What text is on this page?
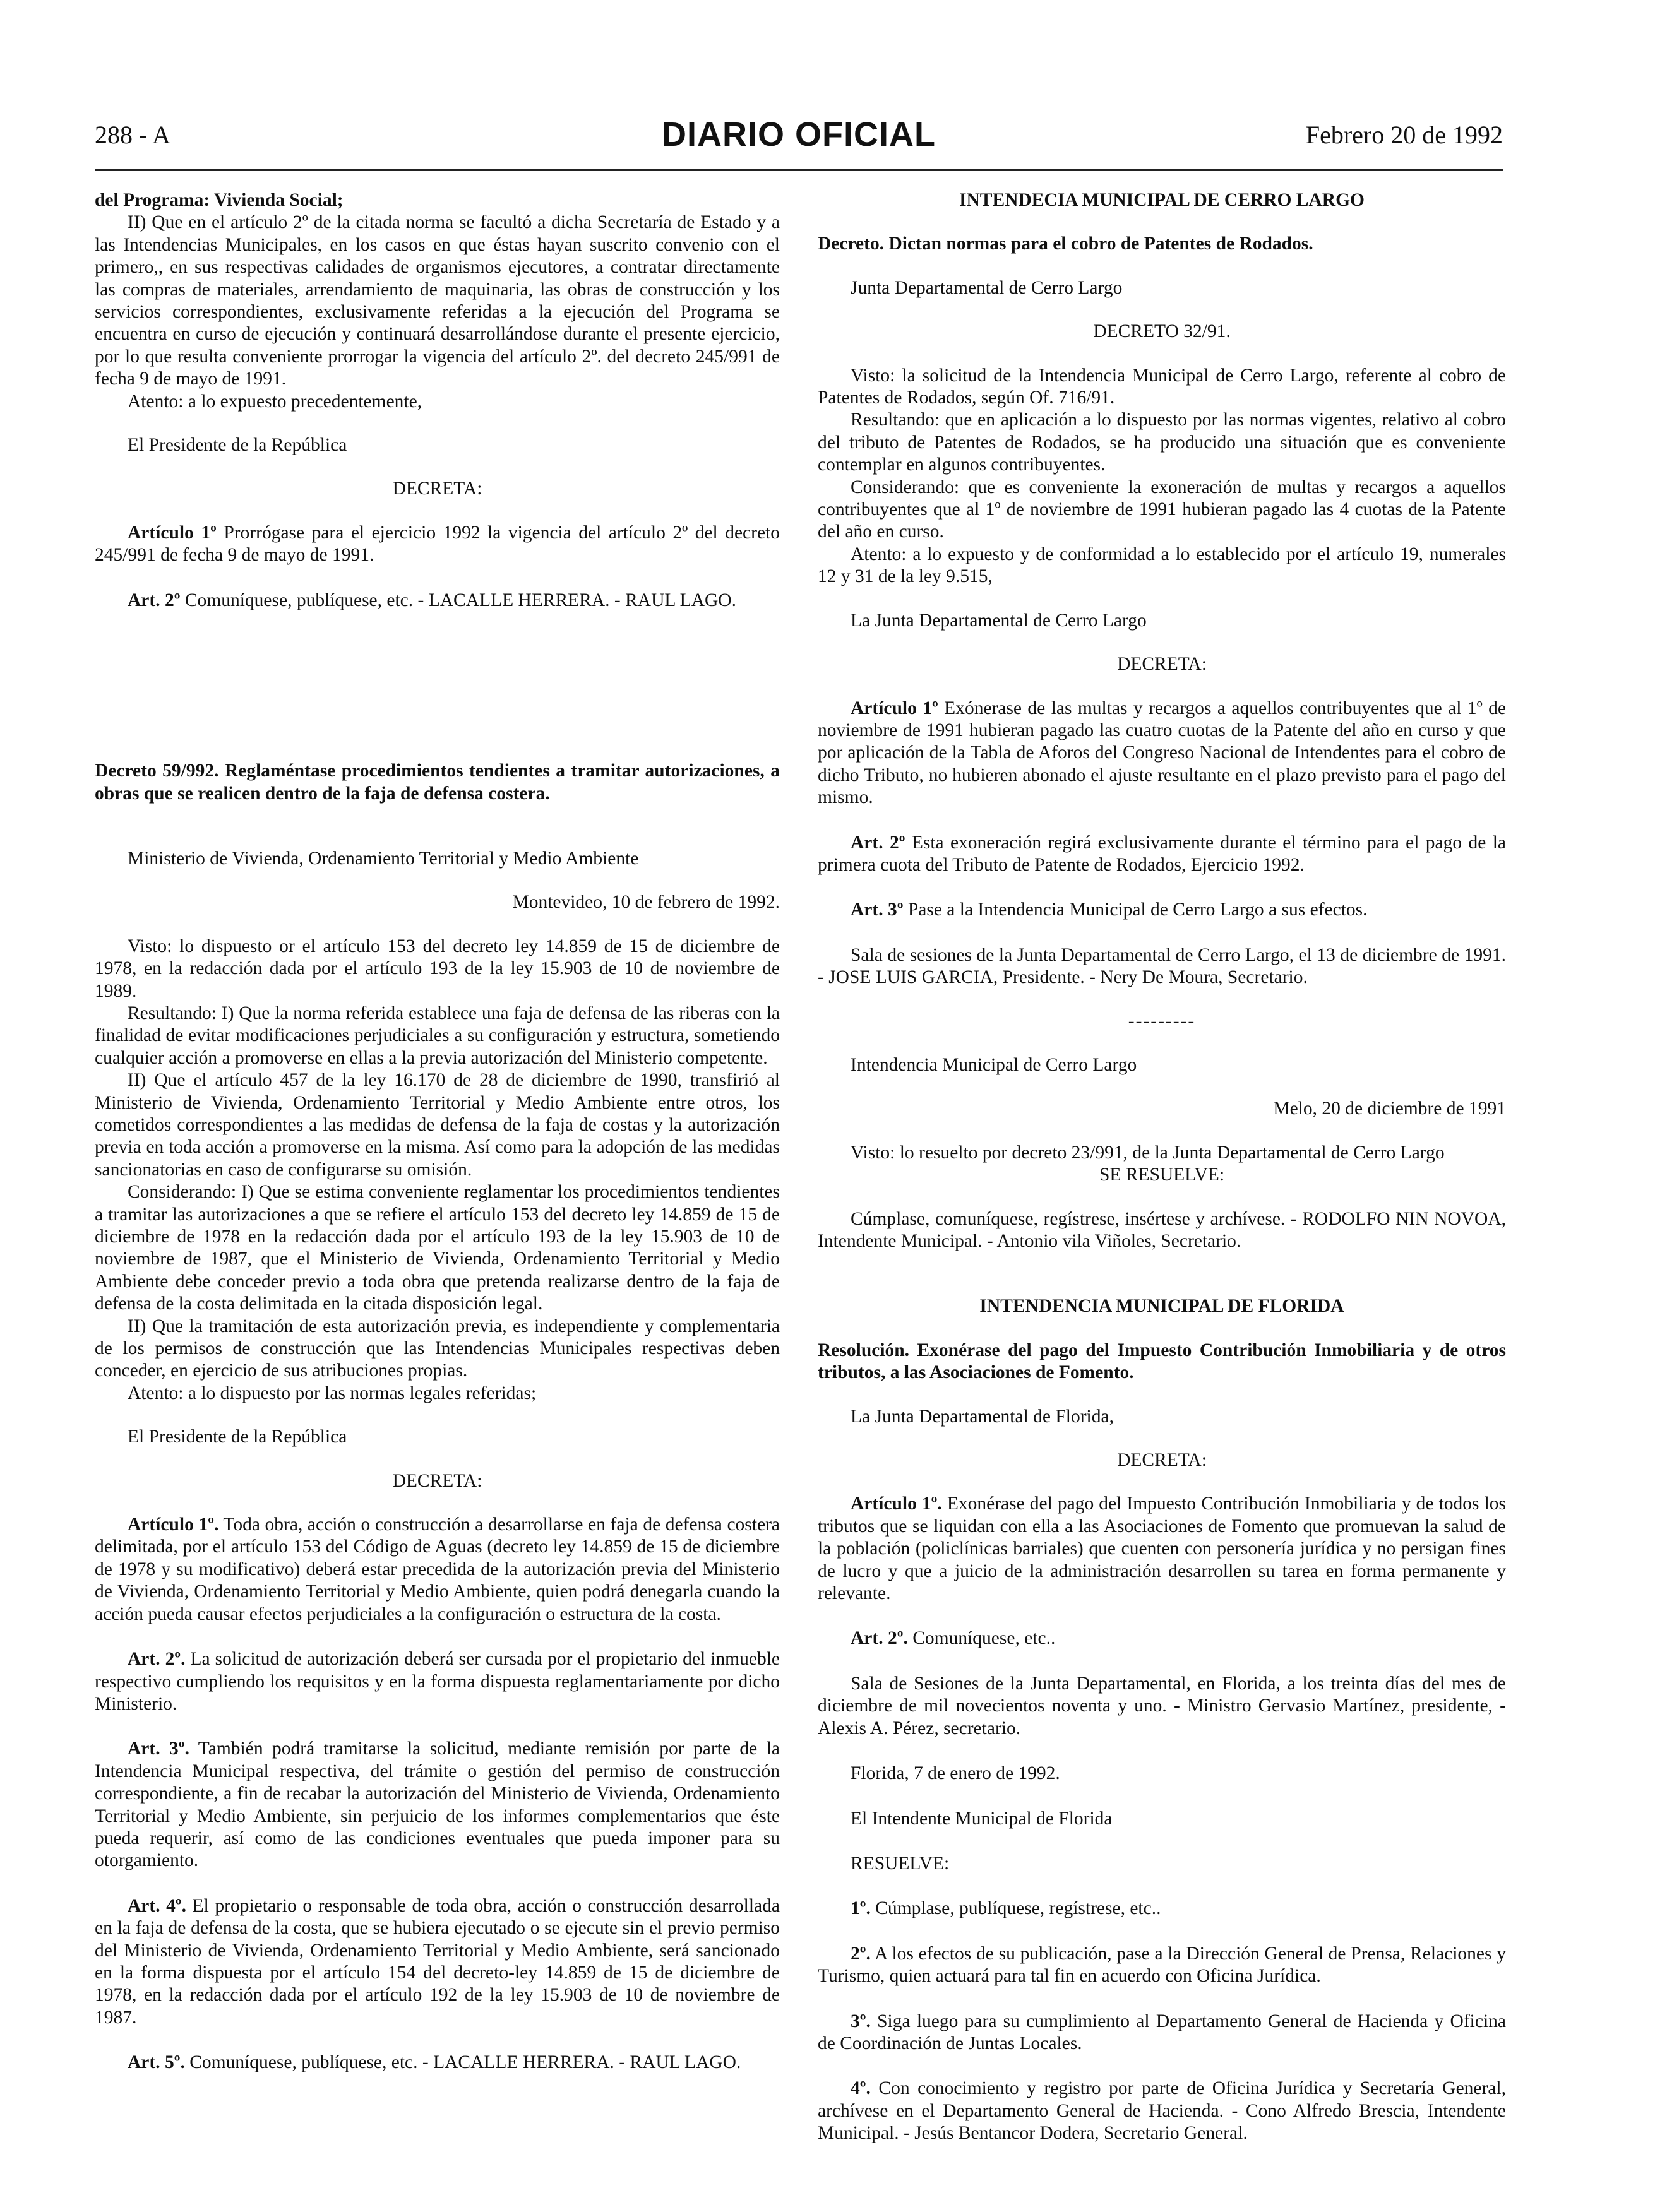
288 - A	DIARIO OFICIAL	Febrero 20 de 1992

del Programa: Vivienda Social;

II) Que en el artículo 2º de la citada norma se facultó a dicha Secretaría de Estado y a las Intendencias Municipales, en los casos en que éstas hayan suscrito convenio con el primero,, en sus respectivas calidades de organismos ejecutores, a contratar directamente las compras de materiales, arrendamiento de maquinaria, las obras de construcción y los servicios correspondientes, exclusivamente referidas a la ejecución del Programa se encuentra en curso de ejecución y continuará desarrollándose durante el presente ejercicio, por lo que resulta conveniente prorrogar la vigencia del artículo 2º. del decreto 245/991 de fecha 9 de mayo de 1991.

Atento: a lo expuesto precedentemente,

El Presidente de la República

DECRETA:

Artículo 1º Prorrógase para el ejercicio 1992 la vigencia del artículo 2º del decreto 245/991 de fecha 9 de mayo de 1991.

Art. 2º Comuníquese, publíquese, etc. - LACALLE HERRERA. - RAUL LAGO.

Decreto 59/992. Reglaméntase procedimientos tendientes a tramitar autorizaciones, a obras que se realicen dentro de la faja de defensa costera.

Ministerio de Vivienda, Ordenamiento Territorial y Medio Ambiente

Montevideo, 10 de febrero de 1992.

Visto: lo dispuesto or el artículo 153 del decreto ley 14.859 de 15 de diciembre de 1978, en la redacción dada por el artículo 193 de la ley 15.903 de 10 de noviembre de 1989.

Resultando: I) Que la norma referida establece una faja de defensa de las riberas con la finalidad de evitar modificaciones perjudiciales a su configuración y estructura, sometiendo cualquier acción a promoverse en ellas a la previa autorización del Ministerio competente.

II) Que el artículo 457 de la ley 16.170 de 28 de diciembre de 1990, transfirió al Ministerio de Vivienda, Ordenamiento Territorial y Medio Ambiente entre otros, los cometidos correspondientes a las medidas de defensa de la faja de costas y la autorización previa en toda acción a promoverse en la misma. Así como para la adopción de las medidas sancionatorias en caso de configurarse su omisión.

Considerando: I) Que se estima conveniente reglamentar los procedimientos tendientes a tramitar las autorizaciones a que se refiere el artículo 153 del decreto ley 14.859 de 15 de diciembre de 1978 en la redacción dada por el artículo 193 de la ley 15.903 de 10 de noviembre de 1987, que el Ministerio de Vivienda, Ordenamiento Territorial y Medio Ambiente debe conceder previo a toda obra que pretenda realizarse dentro de la faja de defensa de la costa delimitada en la citada disposición legal.

II) Que la tramitación de esta autorización previa, es independiente y complementaria de los permisos de construcción que las Intendencias Municipales respectivas deben conceder, en ejercicio de sus atribuciones propias.

Atento: a lo dispuesto por las normas legales referidas;

El Presidente de la República

DECRETA:

Artículo 1º. Toda obra, acción o construcción a desarrollarse en faja de defensa costera delimitada, por el artículo 153 del Código de Aguas (decreto ley 14.859 de 15 de diciembre de 1978 y su modificativo) deberá estar precedida de la autorización previa del Ministerio de Vivienda, Ordenamiento Territorial y Medio Ambiente, quien podrá denegarla cuando la acción pueda causar efectos perjudiciales a la configuración o estructura de la costa.

Art. 2º. La solicitud de autorización deberá ser cursada por el propietario del inmueble respectivo cumpliendo los requisitos y en la forma dispuesta reglamentariamente por dicho Ministerio.

Art. 3º. También podrá tramitarse la solicitud, mediante remisión por parte de la Intendencia Municipal respectiva, del trámite o gestión del permiso de construcción correspondiente, a fin de recabar la autorización del Ministerio de Vivienda, Ordenamiento Territorial y Medio Ambiente, sin perjuicio de los informes complementarios que éste pueda requerir, así como de las condiciones eventuales que pueda imponer para su otorgamiento.

Art. 4º. El propietario o responsable de toda obra, acción o construcción desarrollada en la faja de defensa de la costa, que se hubiera ejecutado o se ejecute sin el previo permiso del Ministerio de Vivienda, Ordenamiento Territorial y Medio Ambiente, será sancionado en la forma dispuesta por el artículo 154 del decreto-ley 14.859 de 15 de diciembre de 1978, en la redacción dada por el artículo 192 de la ley 15.903 de 10 de noviembre de 1987.

Art. 5º. Comuníquese, publíquese, etc. - LACALLE HERRERA. - RAUL LAGO.

INTENDECIA MUNICIPAL DE CERRO LARGO

Decreto. Dictan normas para el cobro de Patentes de Rodados.

Junta Departamental de Cerro Largo

DECRETO 32/91.

Visto: la solicitud de la Intendencia Municipal de Cerro Largo, referente al cobro de Patentes de Rodados, según Of. 716/91.

Resultando: que en aplicación a lo dispuesto por las normas vigentes, relativo al cobro del tributo de Patentes de Rodados, se ha producido una situación que es conveniente contemplar en algunos contribuyentes.

Considerando: que es conveniente la exoneración de multas y recargos a aquellos contribuyentes que al 1º de noviembre de 1991 hubieran pagado las 4 cuotas de la Patente del año en curso.

Atento: a lo expuesto y de conformidad a lo establecido por el artículo 19, numerales 12 y 31 de la ley 9.515,

La Junta Departamental de Cerro Largo

DECRETA:

Artículo 1º Exónerase de las multas y recargos a aquellos contribuyentes que al 1º de noviembre de 1991 hubieran pagado las cuatro cuotas de la Patente del año en curso y que por aplicación de la Tabla de Aforos del Congreso Nacional de Intendentes para el cobro de dicho Tributo, no hubieren abonado el ajuste resultante en el plazo previsto para el pago del mismo.

Art. 2º Esta exoneración regirá exclusivamente durante el término para el pago de la primera cuota del Tributo de Patente de Rodados, Ejercicio 1992.

Art. 3º Pase a la Intendencia Municipal de Cerro Largo a sus efectos.

Sala de sesiones de la Junta Departamental de Cerro Largo, el 13 de diciembre de 1991. - JOSE LUIS GARCIA, Presidente. - Nery De Moura, Secretario.

---------

Intendencia Municipal de Cerro Largo

Melo, 20 de diciembre de 1991

Visto: lo resuelto por decreto 23/991, de la Junta Departamental de Cerro Largo

SE RESUELVE:

Cúmplase, comuníquese, regístrese, insértese y archívese. - RODOLFO NIN NOVOA, Intendente Municipal. - Antonio vila Viñoles, Secretario.

INTENDENCIA MUNICIPAL DE FLORIDA

Resolución. Exonérase del pago del Impuesto Contribución Inmobiliaria y de otros tributos, a las Asociaciones de Fomento.

La Junta Departamental de Florida,

DECRETA:

Artículo 1º. Exonérase del pago del Impuesto Contribución Inmobiliaria y de todos los tributos que se liquidan con ella a las Asociaciones de Fomento que promuevan la salud de la población (policlínicas barriales) que cuenten con personería jurídica y no persigan fines de lucro y que a juicio de la administración desarrollen su tarea en forma permanente y relevante.

Art. 2º. Comuníquese, etc..

Sala de Sesiones de la Junta Departamental, en Florida, a los treinta días del mes de diciembre de mil novecientos noventa y uno. - Ministro Gervasio Martínez, presidente, - Alexis A. Pérez, secretario.

Florida, 7 de enero de 1992.

El Intendente Municipal de Florida

RESUELVE:

1º. Cúmplase, publíquese, regístrese, etc..

2º. A los efectos de su publicación, pase a la Dirección General de Prensa, Relaciones y Turismo, quien actuará para tal fin en acuerdo con Oficina Jurídica.

3º. Siga luego para su cumplimiento al Departamento General de Hacienda y Oficina de Coordinación de Juntas Locales.

4º. Con conocimiento y registro por parte de Oficina Jurídica y Secretaría General, archívese en el Departamento General de Hacienda. - Cono Alfredo Brescia, Intendente Municipal. - Jesús Bentancor Dodera, Secretario General.
